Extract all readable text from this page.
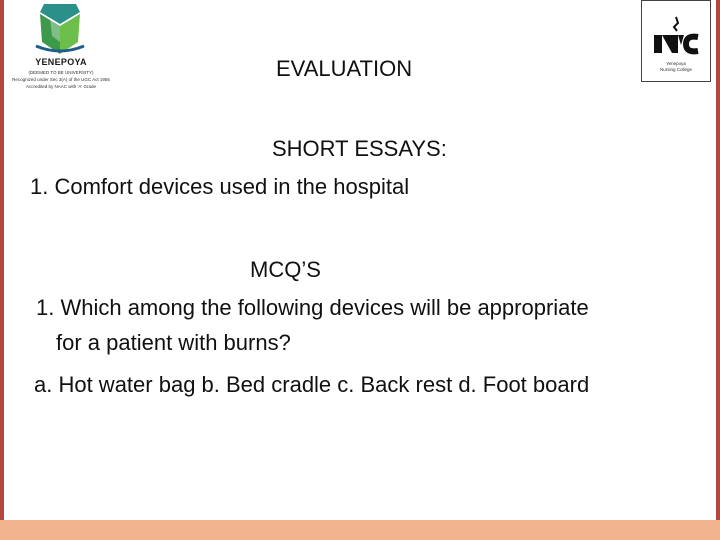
YENEPOYA
(DEEMED TO BE UNIVERSITY)
Recognized under Sec 3(A) of the UGC Act 1956
Accredited by NAAC with 'A' Grade
Yenepoya
Nursing College
EVALUATION
SHORT ESSAYS:
1. Comfort devices used in the hospital
MCQ’S
1. Which among the following devices will be appropriate
for a patient with burns?
a. Hot water bag b. Bed cradle c. Back rest d. Foot board
